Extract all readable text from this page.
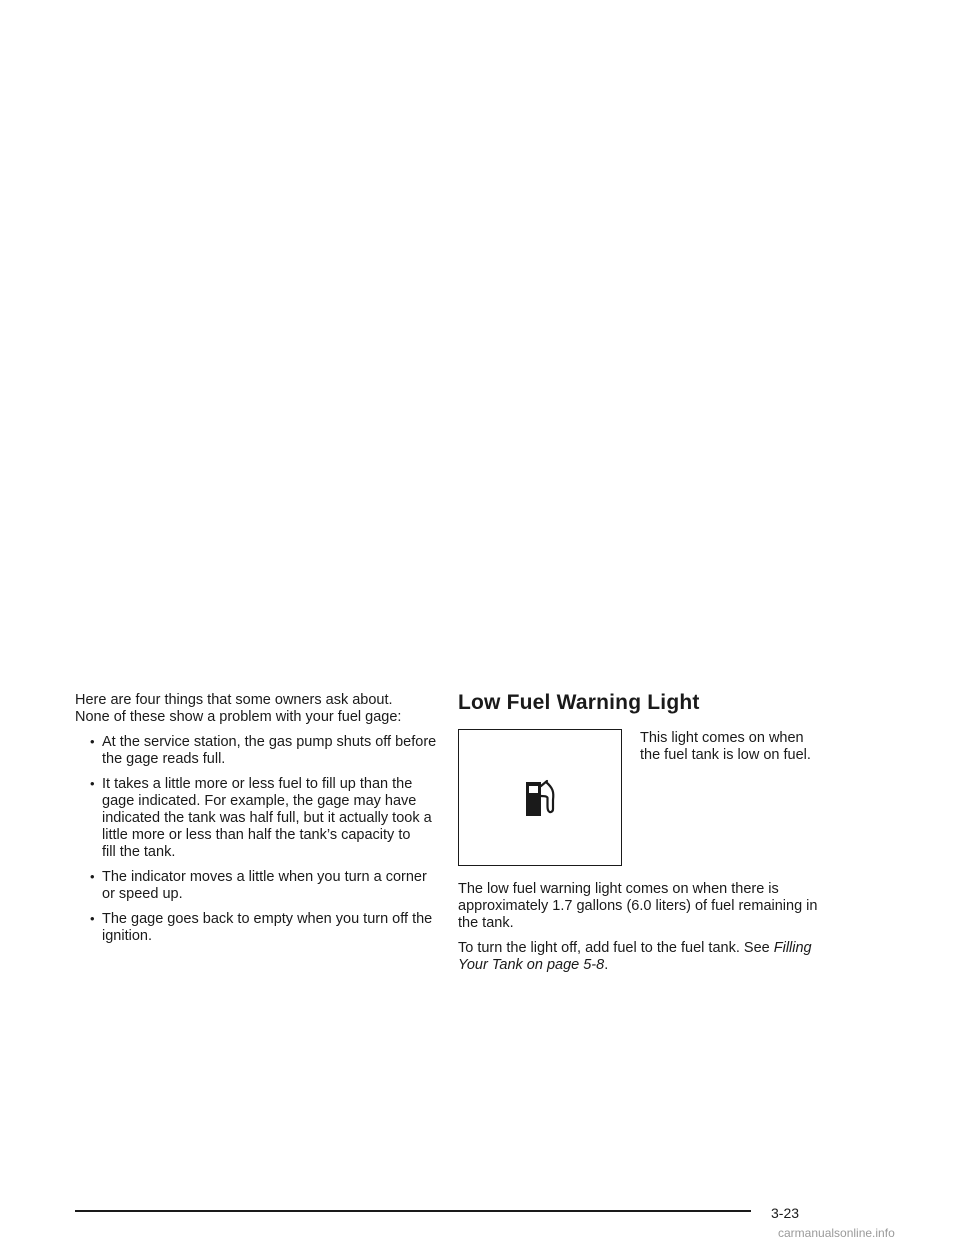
Here are four things that some owners ask about.
None of these show a problem with your fuel gage:

• At the service station, the gas pump shuts off before
the gage reads full.
• It takes a little more or less fuel to fill up than the
gage indicated. For example, the gage may have
indicated the tank was half full, but it actually took a
little more or less than half the tank’s capacity to
fill the tank.
• The indicator moves a little when you turn a corner
or speed up.
• The gage goes back to empty when you turn off the
ignition.
Low Fuel Warning Light
This light comes on when
the fuel tank is low on fuel.

The low fuel warning light comes on when there is
approximately 1.7 gallons (6.0 liters) of fuel remaining in
the tank.

To turn the light off, add fuel to the fuel tank. See Filling
Your Tank on page 5-8.

3-23
carmanualsonline.info
